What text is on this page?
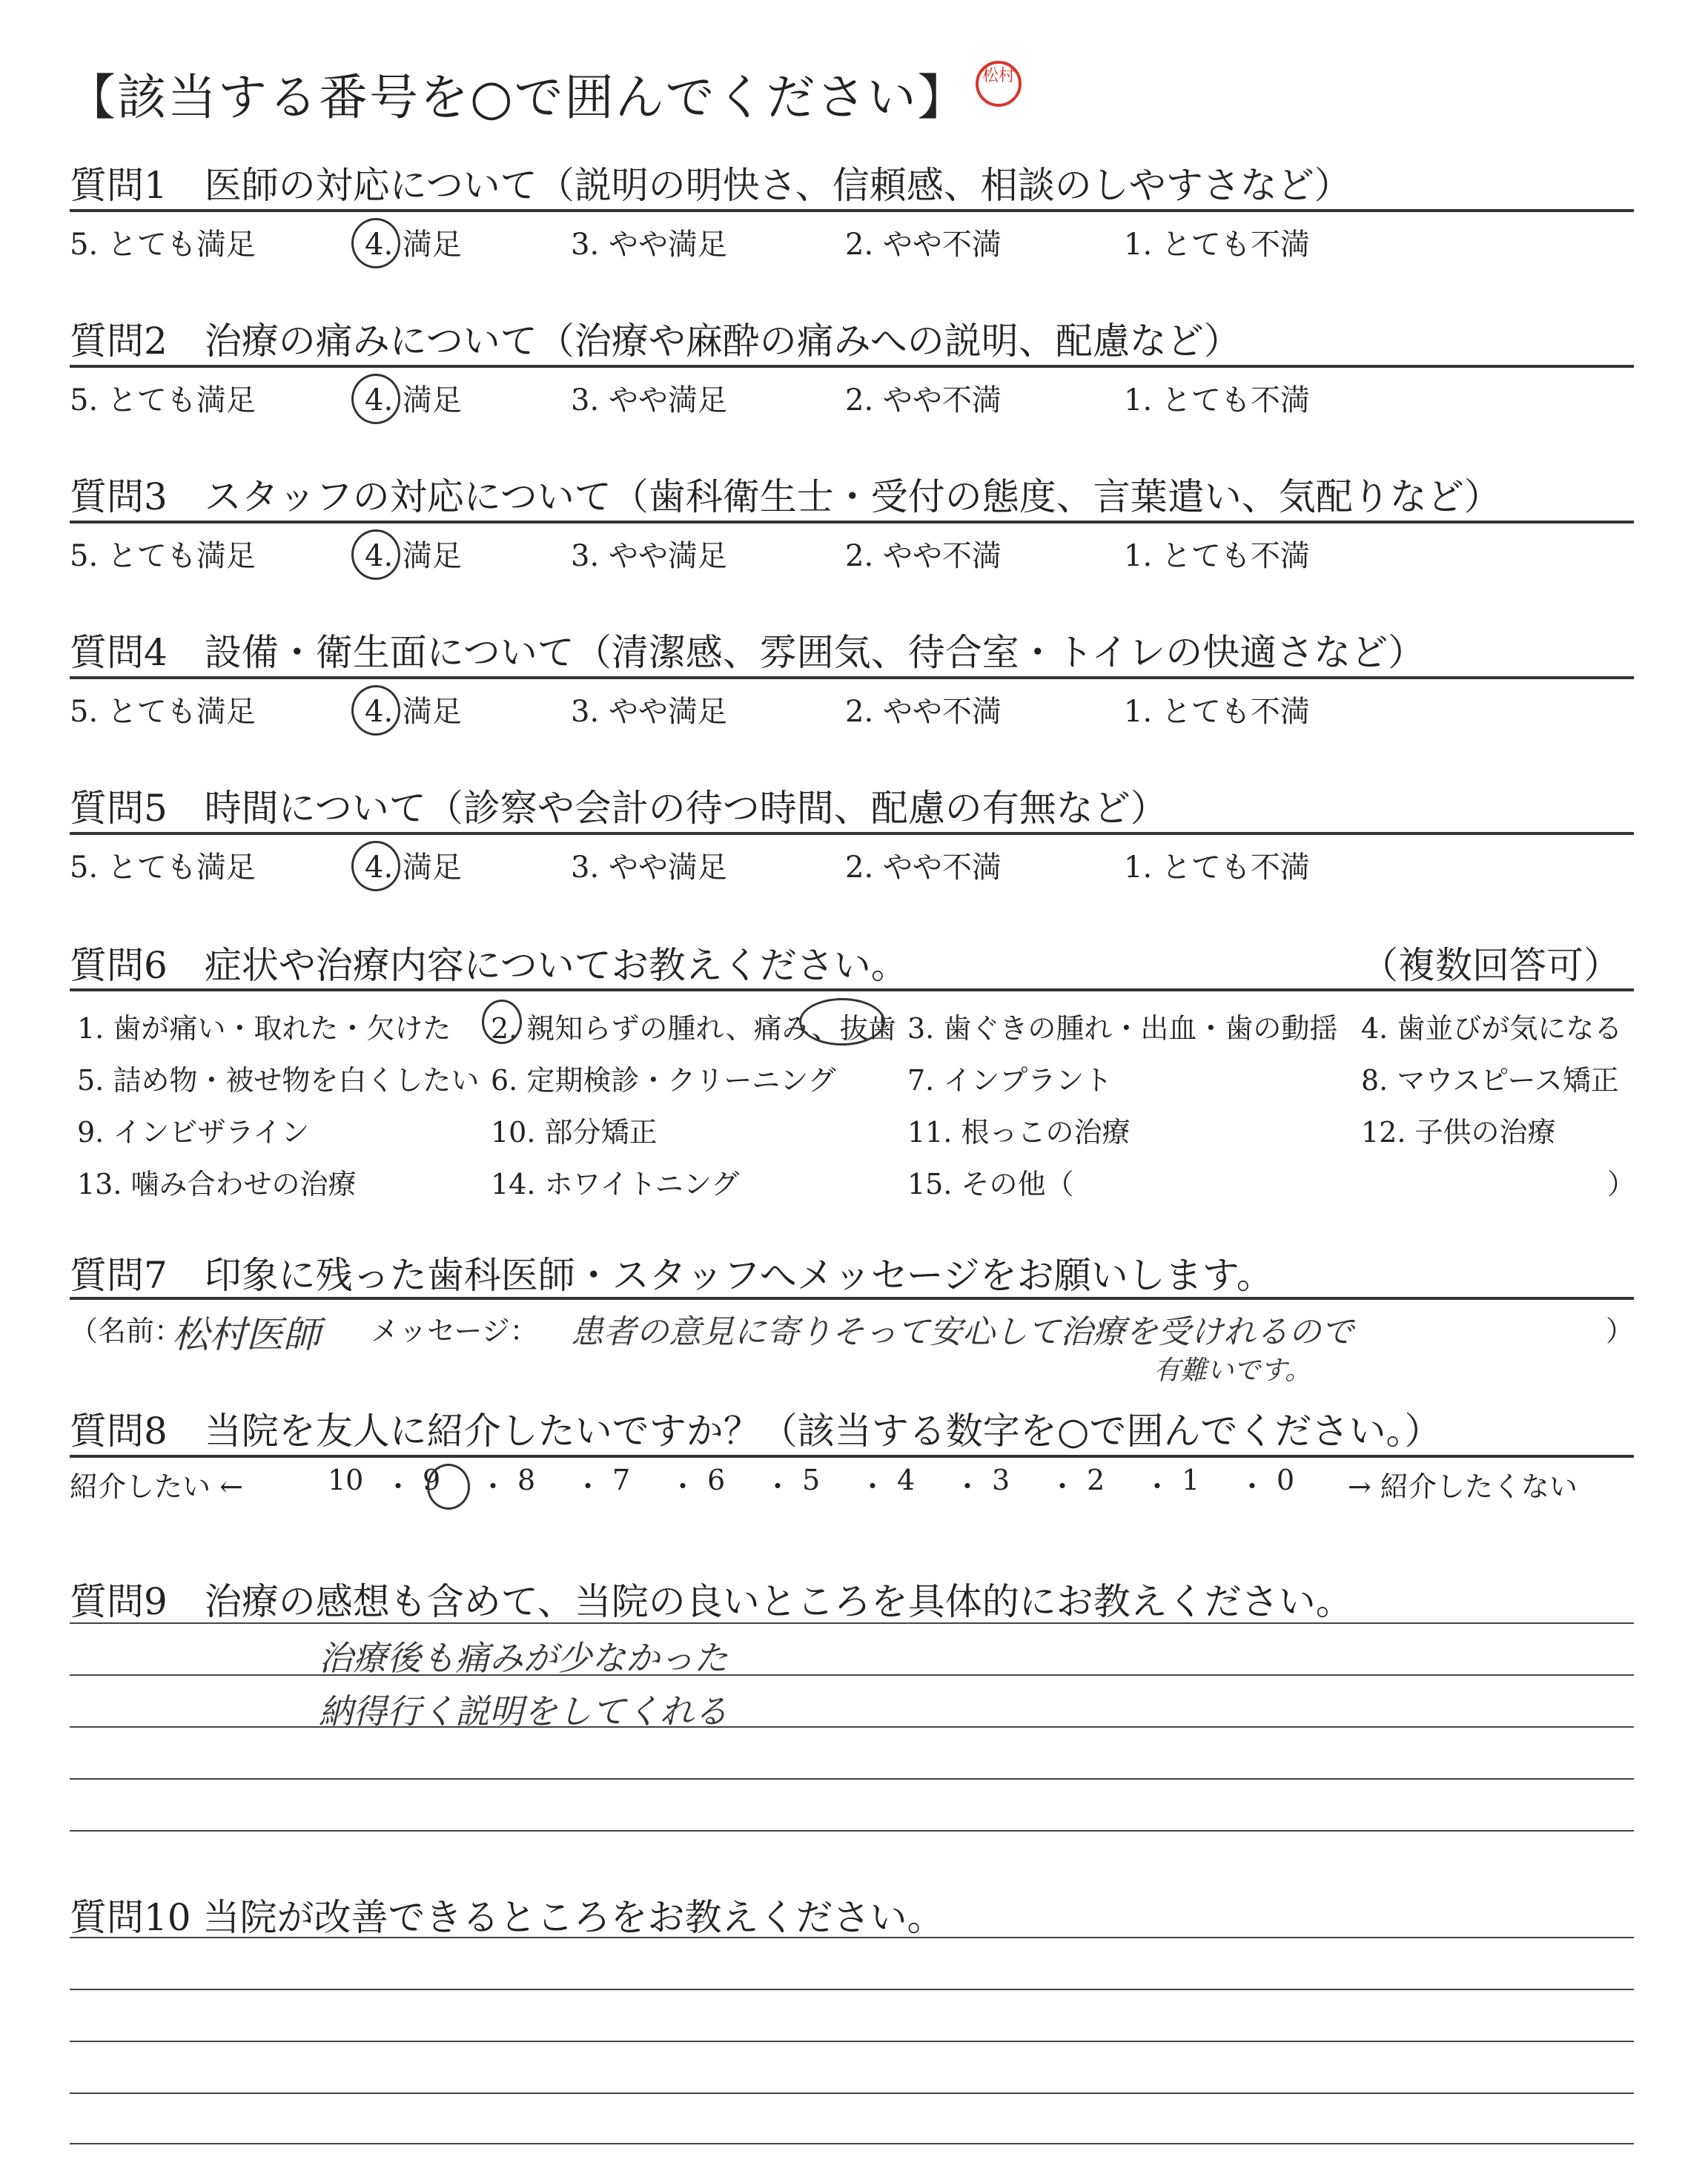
【該当する番号を○で囲んでください】 松村
質問1　医師の対応について（説明の明快さ、信頼感、相談のしやすさなど）
5. とても満足	4. 満足	3. やや満足	2. やや不満	1. とても不満
質問2　治療の痛みについて（治療や麻酔の痛みへの説明、配慮など）
5. とても満足	4. 満足	3. やや満足	2. やや不満	1. とても不満
質問3　スタッフの対応について（歯科衛生士・受付の態度、言葉遣い、気配りなど）
5. とても満足	4. 満足	3. やや満足	2. やや不満	1. とても不満
質問4　設備・衛生面について（清潔感、雰囲気、待合室・トイレの快適さなど）
5. とても満足	4. 満足	3. やや満足	2. やや不満	1. とても不満
質問5　時間について（診察や会計の待つ時間、配慮の有無など）
5. とても満足	4. 満足	3. やや満足	2. やや不満	1. とても不満
質問6　症状や治療内容についてお教えください。	（複数回答可）
1. 歯が痛い・取れた・欠けた 2. 親知らずの腫れ、痛み、抜歯 3. 歯ぐきの腫れ・出血・歯の動揺 4. 歯並びが気になる
5. 詰め物・被せ物を白くしたい 6. 定期検診・クリーニング	7. インプラント	8. マウスピース矯正
9. インビザライン	10. 部分矯正	11. 根っこの治療	12. 子供の治療
13. 噛み合わせの治療	14. ホワイトニング	15. その他（	）
質問7　印象に残った歯科医師・スタッフへメッセージをお願いします。
（名前：
松村医師 メッセージ： 患者の意見に寄りそって安心して治療を受けれるので
有難いです。
）
質問8　当院を友人に紹介したいですか？（該当する数字を○で囲んでください。）
紹介したい ←	10 ・ 9 ・ 8 ・ 7 ・ 6 ・ 5 ・ 4 ・ 3 ・ 2 ・ 1 ・ 0 → 紹介したくない
質問9　治療の感想も含めて、当院の良いところを具体的にお教えください。
治療後も痛みが少なかった
納得行く説明をしてくれる
質問10 当院が改善できるところをお教えください。
